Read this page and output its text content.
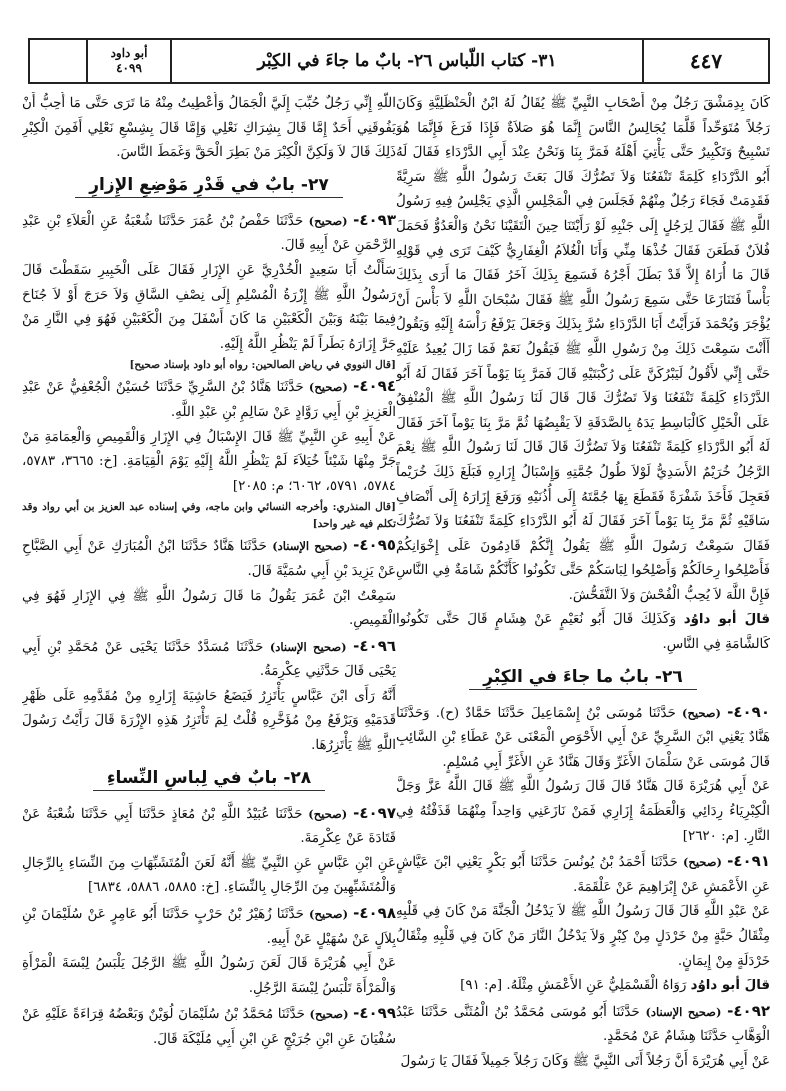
٤٤٧
٣١- كتاب اللّباس ٢٦- بابٌ ما جاءَ في الكِبْر
أبو داود
٤٠٩٩

كَانَ بِدِمَشْقَ رَجُلٌ مِنْ أَصْحَابِ النَّبِيِّ ﷺ يُقَالُ لَهُ ابْنُ الْحَنْظَلِيَّةِ وَكَانَ رَجُلاً مُتَوَحِّداً قَلَّمَا يُجَالِسُ النَّاسَ إِنَّمَا هُوَ صَلاَةٌ فَإِذَا فَرَغَ فَإِنَّمَا هُوَ تَسْبِيحٌ وَتَكْبِيرٌ حَتَّى يَأْتِيَ أَهْلَهُ فَمَرَّ بِنَا وَنَحْنُ عِنْدَ أَبِي الدَّرْدَاءِ فَقَالَ لَهُ أَبُو الدَّرْدَاءِ كَلِمَةً تَنْفَعُنَا وَلاَ تَضُرُّكَ قَالَ بَعَثَ رَسُولُ اللَّهِ ﷺ سَرِيَّةً فَقَدِمَتْ فَجَاءَ رَجُلٌ مِنْهُمْ فَجَلَسَ فِي الْمَجْلِسِ الَّذِي يَجْلِسُ فِيهِ رَسُولُ اللَّهِ ﷺ فَقَالَ لِرَجُلٍ إِلَى جَنْبِهِ لَوْ رَأَيْتَنَا حِينَ الْتَقَيْنَا نَحْنُ وَالْعَدُوُّ فَحَمَلَ فُلاَنٌ فَطَعَنَ فَقَالَ خُذْهَا مِنِّي وَأَنَا الْغُلاَمُ الْغِفَارِيُّ كَيْفَ تَرَى فِي قَوْلِهِ قَالَ مَا أُرَاهُ إِلاَّ قَدْ بَطَلَ أَجْرُهُ فَسَمِعَ بِذَلِكَ آخَرُ فَقَالَ مَا أَرَى بِذَلِكَ بَأْساً فَتَنَازَعَا حَتَّى سَمِعَ رَسُولُ اللَّهِ ﷺ فَقَالَ سُبْحَانَ اللَّهِ لاَ بَأْسَ أَنْ يُؤْجَرَ وَيُحْمَدَ فَرَأَيْتُ أَبَا الدَّرْدَاءِ سُرَّ بِذَلِكَ وَجَعَلَ يَرْفَعُ رَأْسَهُ إِلَيْهِ وَيَقُولُ أَأَنْتَ سَمِعْتَ ذَلِكَ مِنْ رَسُولِ اللَّهِ ﷺ فَيَقُولُ نَعَمْ فَمَا زَالَ يُعِيدُ عَلَيْهِ حَتَّى إِنِّي لأَقُولُ لَيَبْرُكَنَّ عَلَى رُكْبَتَيْهِ قَالَ فَمَرَّ بِنَا يَوْماً آخَرَ فَقَالَ لَهُ أَبُو الدَّرْدَاءِ كَلِمَةً تَنْفَعُنَا وَلاَ تَضُرُّكَ قَالَ قَالَ لَنَا رَسُولُ اللَّهِ ﷺ الْمُنْفِقُ عَلَى الْخَيْلِ كَالْبَاسِطِ يَدَهُ بِالصَّدَقَةِ لاَ يَقْبِضُهَا ثُمَّ مَرَّ بِنَا يَوْماً آخَرَ فَقَالَ لَهُ أَبُو الدَّرْدَاءِ كَلِمَةً تَنْفَعُنَا وَلاَ تَضُرُّكَ قَالَ قَالَ لَنَا رَسُولُ اللَّهِ ﷺ نِعْمَ الرَّجُلُ خُرَيْمٌ الأَسَدِيُّ لَوْلاَ طُولُ جُمَّتِهِ وَإِسْبَالُ إِزَارِهِ فَبَلَغَ ذَلِكَ خُرَيْماً فَعَجِلَ فَأَخَذَ شَفْرَةً فَقَطَعَ بِهَا جُمَّتَهُ إِلَى أُذُنَيْهِ وَرَفَعَ إِزَارَهُ إِلَى أَنْصَافِ سَاقَيْهِ ثُمَّ مَرَّ بِنَا يَوْماً آخَرَ فَقَالَ لَهُ أَبُو الدَّرْدَاءِ كَلِمَةً تَنْفَعُنَا وَلاَ تَضُرُّكَ فَقَالَ سَمِعْتُ رَسُولَ اللَّهِ ﷺ يَقُولُ إِنَّكُمْ قَادِمُونَ عَلَى إِخْوَانِكُمْ فَأَصْلِحُوا رِحَالَكُمْ وَأَصْلِحُوا لِبَاسَكُمْ حَتَّى تَكُونُوا كَأَنَّكُمْ شَامَةٌ فِي النَّاسِ فَإِنَّ اللَّهَ لاَ يُحِبُّ الْفُحْشَ وَلاَ التَّفَحُّشَ.

قالَ أبو داوُد وَكَذَلِكَ قَالَ أَبُو نُعَيْمٍ عَنْ هِشَامٍ قَالَ حَتَّى تَكُونُوا كَالشَّامَةِ فِي النَّاسِ.

٢٦- بابُ ما جاءَ في الكِبْرِ

٤٠٩٠- (صحيح) حَدَّثَنَا مُوسَى بْنُ إِسْمَاعِيلَ حَدَّثَنَا حَمَّادٌ (ح). وَحَدَّثَنَا هَنَّادٌ يَعْنِي ابْنَ السَّرِيِّ عَنْ أَبِي الأَحْوَصِ الْمَعْنَى عَنْ عَطَاءِ بْنِ السَّائِبِ قَالَ مُوسَى عَنْ سَلْمَانَ الأَغَرِّ وَقَالَ هَنَّادٌ عَنِ الأَغَرِّ أَبِي مُسْلِمٍ.

عَنْ أَبِي هُرَيْرَةَ قَالَ هَنَّادٌ قَالَ قَالَ رَسُولُ اللَّهِ ﷺ قَالَ اللَّهُ عَزَّ وَجَلَّ الْكِبْرِيَاءُ رِدَائِي وَالْعَظَمَةُ إِزَارِي فَمَنْ نَازَعَنِي وَاحِداً مِنْهُمَا قَذَفْتُهُ فِي النَّارِ. [م: ٢٦٢٠]

٤٠٩١- (صحيح) حَدَّثَنَا أَحْمَدُ بْنُ يُونُسَ حَدَّثَنَا أَبُو بَكْرٍ يَعْنِي ابْنَ عَيَّاشٍ عَنِ الأَعْمَشِ عَنْ إِبْرَاهِيمَ عَنْ عَلْقَمَةَ.

عَنْ عَبْدِ اللَّهِ قَالَ قَالَ رَسُولُ اللَّهِ ﷺ لاَ يَدْخُلُ الْجَنَّةَ مَنْ كَانَ فِي قَلْبِهِ مِثْقَالُ حَبَّةٍ مِنْ خَرْدَلٍ مِنْ كِبْرٍ وَلاَ يَدْخُلُ النَّارَ مَنْ كَانَ فِي قَلْبِهِ مِثْقَالُ خَرْدَلَةٍ مِنْ إِيمَانٍ.

قالَ أبو داوُد رَوَاهُ الْقَسْمَلِيُّ عَنِ الأَعْمَشِ مِثْلَهُ. [م: ٩١]

٤٠٩٢- (صحيح الإسناد) حَدَّثَنَا أَبُو مُوسَى مُحَمَّدُ بْنُ الْمُثَنَّى حَدَّثَنَا عَبْدُ الْوَهَّابِ حَدَّثَنَا هِشَامٌ عَنْ مُحَمَّدٍ.

عَنْ أَبِي هُرَيْرَةَ أَنَّ رَجُلاً أَتَى النَّبِيَّ ﷺ وَكَانَ رَجُلاً جَمِيلاً فَقَالَ يَا رَسُولَ

اللَّهِ إِنِّي رَجُلٌ حُبِّبَ إِلَيَّ الْجَمَالُ وَأُعْطِيتُ مِنْهُ مَا تَرَى حَتَّى مَا أُحِبُّ أَنْ يَفُوقَنِي أَحَدٌ إِمَّا قَالَ بِشِرَاكِ نَعْلِي وَإِمَّا قَالَ بِشِسْعِ نَعْلِي أَفَمِنَ الْكِبْرِ ذَلِكَ قَالَ لاَ وَلَكِنَّ الْكِبْرَ مَنْ بَطِرَ الْحَقَّ وَغَمَطَ النَّاسَ.

٢٧- بابٌ في قَدْرِ مَوْضِعِ الإِزارِ

٤٠٩٣- (صحيح) حَدَّثَنَا حَفْصُ بْنُ عُمَرَ حَدَّثَنَا شُعْبَةُ عَنِ الْعَلاَءِ بْنِ عَبْدِ الرَّحْمَنِ عَنْ أَبِيهِ قَالَ.

سَأَلْتُ أَبَا سَعِيدٍ الْخُدْرِيَّ عَنِ الإِزَارِ فَقَالَ عَلَى الْخَبِيرِ سَقَطْتَ قَالَ رَسُولُ اللَّهِ ﷺ إِزْرَةُ الْمُسْلِمِ إِلَى نِصْفِ السَّاقِ وَلاَ حَرَجَ أَوْ لاَ جُنَاحَ فِيمَا بَيْنَهُ وَبَيْنَ الْكَعْبَيْنِ مَا كَانَ أَسْفَلَ مِنَ الْكَعْبَيْنِ فَهُوَ فِي النَّارِ مَنْ جَرَّ إِزَارَهُ بَطَراً لَمْ يَنْظُرِ اللَّهُ إِلَيْهِ.

[قال النووي في رياض الصالحين: رواه أبو داود بإسناد صحيح]

٤٠٩٤- (صحيح) حَدَّثَنَا هَنَّادُ بْنُ السَّرِيِّ حَدَّثَنَا حُسَيْنٌ الْجُعْفِيُّ عَنْ عَبْدِ الْعَزِيزِ بْنِ أَبِي رَوَّادٍ عَنْ سَالِمِ بْنِ عَبْدِ اللَّهِ.

عَنْ أَبِيهِ عَنِ النَّبِيِّ ﷺ قَالَ الإِسْبَالُ فِي الإِزَارِ وَالْقَمِيصِ وَالْعِمَامَةِ مَنْ جَرَّ مِنْهَا شَيْئاً خُيَلاَءَ لَمْ يَنْظُرِ اللَّهُ إِلَيْهِ يَوْمَ الْقِيَامَةِ. [خ: ٣٦٦٥، ٥٧٨٣، ٥٧٨٤، ٥٧٩١، ٦٠٦٢؛ م: ٢٠٨٥]

[قال المنذري: وأخرجه النسائي وابن ماجه، وفي إسناده عبد العزيز بن أبي رواد وقد تكلم فيه غير واحد]

٤٠٩٥- (صحيح الإسناد) حَدَّثَنَا هَنَّادٌ حَدَّثَنَا ابْنُ الْمُبَارَكِ عَنْ أَبِي الصَّبَّاحِ عَنْ يَزِيدَ بْنِ أَبِي سُمَيَّةَ قَالَ.

سَمِعْتُ ابْنَ عُمَرَ يَقُولُ مَا قَالَ رَسُولُ اللَّهِ ﷺ فِي الإِزَارِ فَهُوَ فِي الْقَمِيصِ.

٤٠٩٦- (صحيح الإسناد) حَدَّثَنَا مُسَدَّدٌ حَدَّثَنَا يَحْيَى عَنْ مُحَمَّدِ بْنِ أَبِي يَحْيَى قَالَ حَدَّثَنِي عِكْرِمَةُ.

أَنَّهُ رَأَى ابْنَ عَبَّاسٍ يَأْتَزِرُ فَيَضَعُ حَاشِيَةَ إِزَارِهِ مِنْ مُقَدَّمِهِ عَلَى ظَهْرِ قَدَمَيْهِ وَيَرْفَعُ مِنْ مُؤَخَّرِهِ قُلْتُ لِمَ تَأْتَزِرُ هَذِهِ الإِزْرَةَ قَالَ رَأَيْتُ رَسُولَ اللَّهِ ﷺ يَأْتَزِرُهَا.

٢٨- بابٌ في لِباسِ النِّساءِ

٤٠٩٧- (صحيح) حَدَّثَنَا عُبَيْدُ اللَّهِ بْنُ مُعَاذٍ حَدَّثَنَا أَبِي حَدَّثَنَا شُعْبَةُ عَنْ قَتَادَةَ عَنْ عِكْرِمَةَ.

عَنِ ابْنِ عَبَّاسٍ عَنِ النَّبِيِّ ﷺ أَنَّهُ لَعَنَ الْمُتَشَبِّهَاتِ مِنَ النِّسَاءِ بِالرِّجَالِ وَالْمُتَشَبِّهِينَ مِنَ الرِّجَالِ بِالنِّسَاءِ. [خ: ٥٨٨٥، ٥٨٨٦، ٦٨٣٤]

٤٠٩٨- (صحيح) حَدَّثَنَا زُهَيْرُ بْنُ حَرْبٍ حَدَّثَنَا أَبُو عَامِرٍ عَنْ سُلَيْمَانَ بْنِ بِلاَلٍ عَنْ سُهَيْلٍ عَنْ أَبِيهِ.

عَنْ أَبِي هُرَيْرَةَ قَالَ لَعَنَ رَسُولُ اللَّهِ ﷺ الرَّجُلَ يَلْبَسُ لِبْسَةَ الْمَرْأَةِ وَالْمَرْأَةَ تَلْبَسُ لِبْسَةَ الرَّجُلِ.

٤٠٩٩- (صحيح) حَدَّثَنَا مُحَمَّدُ بْنُ سُلَيْمَانَ لُوَيْنٌ وَبَعْضُهُ قِرَاءَةً عَلَيْهِ عَنْ سُفْيَانَ عَنِ ابْنِ جُرَيْجٍ عَنِ ابْنِ أَبِي مُلَيْكَةَ قَالَ.
